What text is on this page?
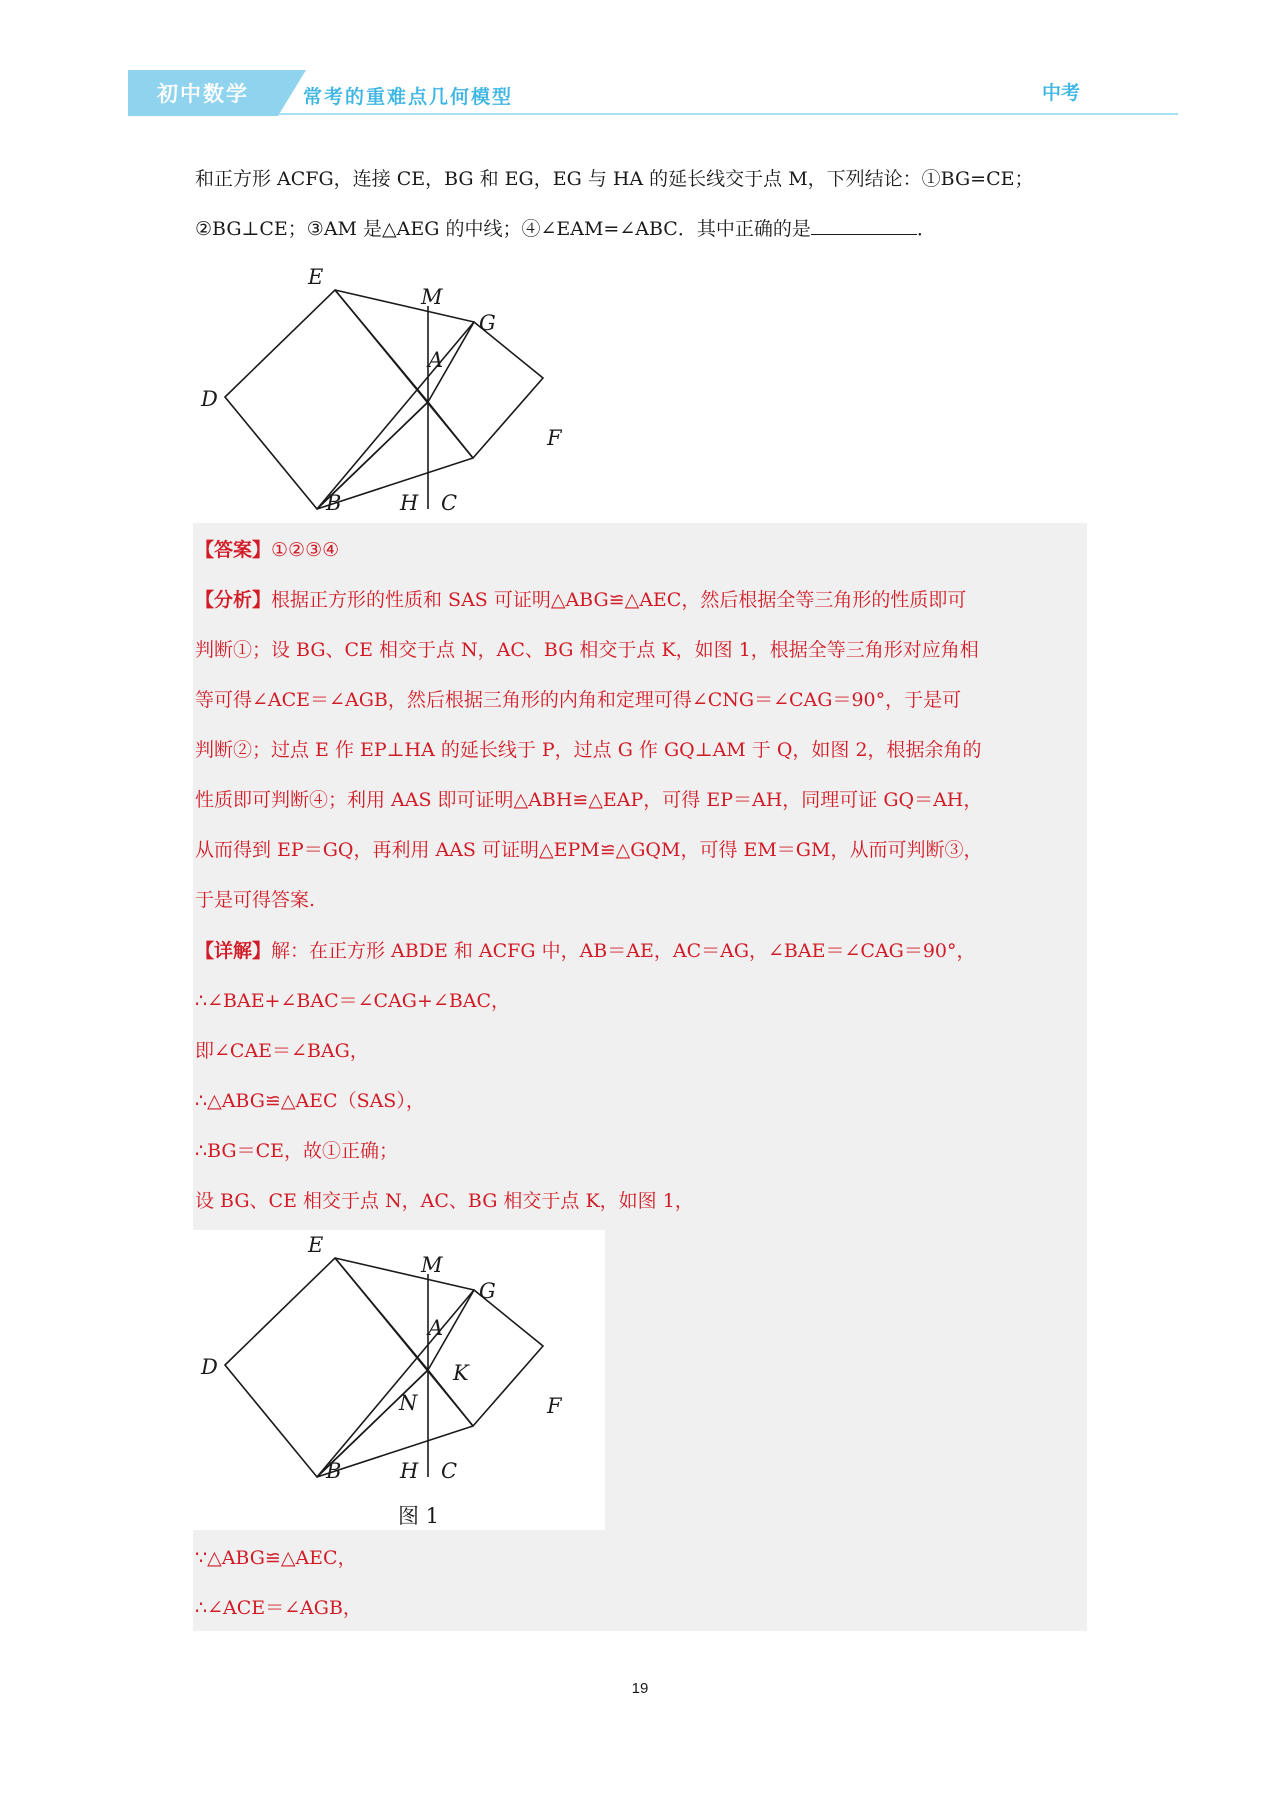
初中数学	常考的重难点几何模型	中考
和正方形 ACFG，连接 CE，BG 和 EG，EG 与 HA 的延长线交于点 M，下列结论：①BG=CE；
②BG⊥CE；③AM 是△AEG 的中线；④∠EAM=∠ABC．其中正确的是	．
E
M
G
A
D
F
B	H C
【答案】①②③④
【分析】根据正方形的性质和 SAS 可证明△ABG≌△AEC，然后根据全等三角形的性质即可
判断①；设 BG、CE 相交于点 N，AC、BG 相交于点 K，如图 1，根据全等三角形对应角相
等可得∠ACE＝∠AGB，然后根据三角形的内角和定理可得∠CNG＝∠CAG＝90°，于是可
判断②；过点 E 作 EP⊥HA 的延长线于 P，过点 G 作 GQ⊥AM 于 Q，如图 2，根据余角的
性质即可判断④；利用 AAS 即可证明△ABH≌△EAP，可得 EP＝AH，同理可证 GQ＝AH，
从而得到 EP＝GQ，再利用 AAS 可证明△EPM≌△GQM，可得 EM＝GM，从而可判断③，
于是可得答案.
【详解】解：在正方形 ABDE 和 ACFG 中，AB＝AE，AC＝AG，∠BAE＝∠CAG＝90°，
∴∠BAE+∠BAC＝∠CAG+∠BAC，
即∠CAE＝∠BAG，
∴△ABG≌△AEC（SAS），
∴BG＝CE，故①正确；
设 BG、CE 相交于点 N，AC、BG 相交于点 K，如图 1，
E
M
G
A
D	K
N	F
B	H C
图 1
∵△ABG≌△AEC，
∴∠ACE＝∠AGB，
19
